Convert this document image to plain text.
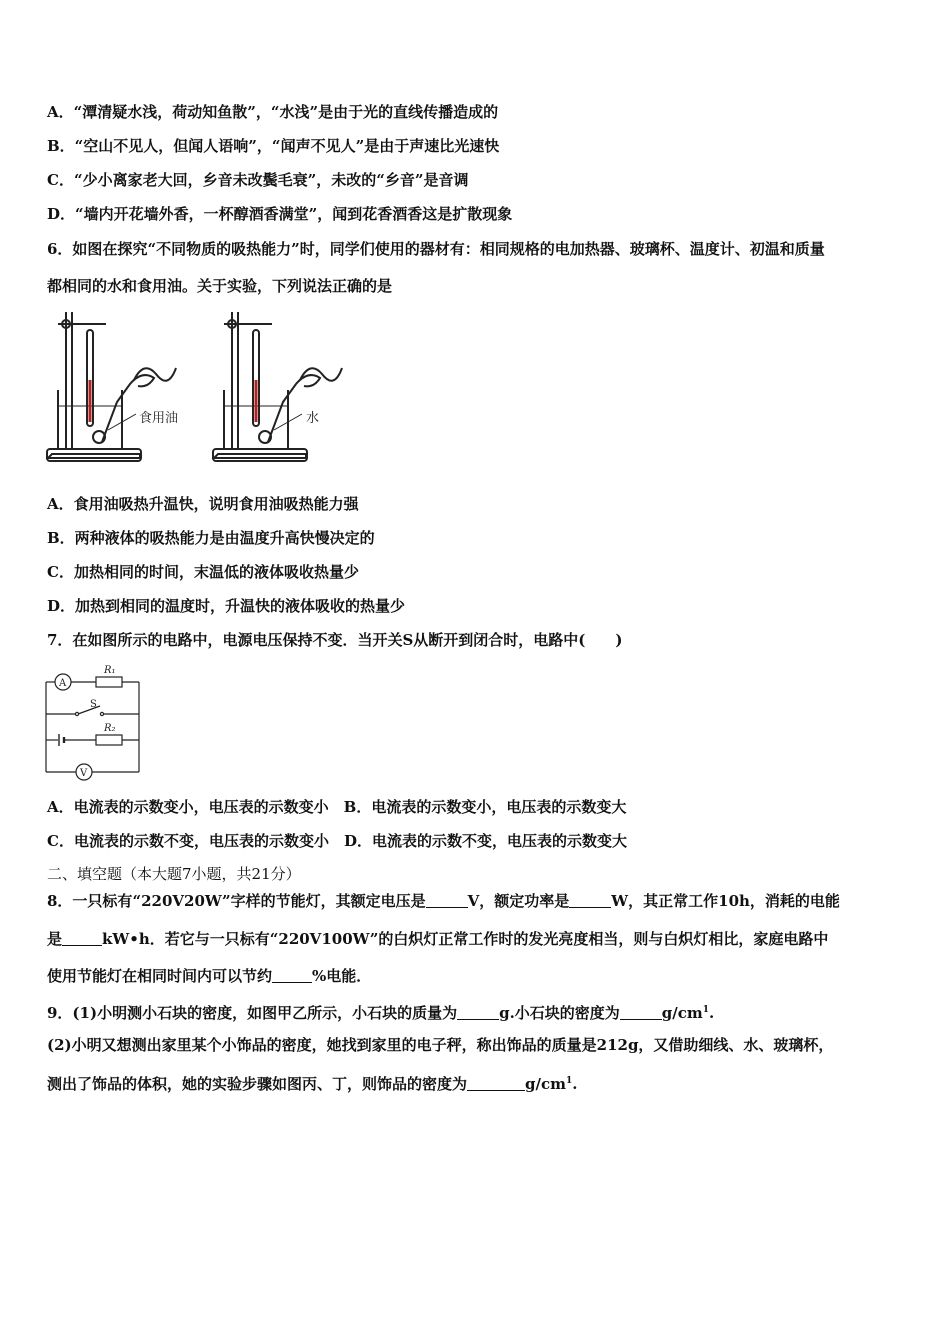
A．“潭清疑水浅，荷动知鱼散”，“水浅”是由于光的直线传播造成的
B．“空山不见人，但闻人语响”，“闻声不见人”是由于声速比光速快
C．“少小离家老大回，乡音未改鬓毛衰”，未改的“乡音”是音调
D．“墙内开花墙外香，一杯醇酒香满堂”，闻到花香酒香这是扩散现象
6．如图在探究“不同物质的吸热能力”时，同学们使用的器材有：相同规格的电加热器、玻璃杯、温度计、初温和质量
都相同的水和食用油。关于实验，下列说法正确的是
食用油	水
A．食用油吸热升温快，说明食用油吸热能力强
B．两种液体的吸热能力是由温度升高快慢决定的
C．加热相同的时间，末温低的液体吸收热量少
D．加热到相同的温度时，升温快的液体吸收的热量少
7．在如图所示的电路中，电源电压保持不变．当开关S从断开到闭合时，电路中(　　)
A
V
S
R₁
R₂
A．电流表的示数变小，电压表的示数变小　B．电流表的示数变小，电压表的示数变大
C．电流表的示数不变，电压表的示数变小　D．电流表的示数不变，电压表的示数变大
二、填空题（本大题7小题，共21分）
8．一只标有“220V20W”字样的节能灯，其额定电压是	V，额定功率是	W，其正常工作10h，消耗的电能
是	kW•h．若它与一只标有“220V100W”的白炽灯正常工作时的发光亮度相当，则与白炽灯相比，家庭电路中
使用节能灯在相同时间内可以节约	%电能．
9．(1)小明测小石块的密度，如图甲乙所示，小石块的质量为	g.小石块的密度为	$g/cm^1$.
(2)小明又想测出家里某个小饰品的密度，她找到家里的电子秤，称出饰品的质量是212g，又借助细线、水、玻璃杯，
测出了饰品的体积，她的实验步骤如图丙、丁，则饰品的密度为	$g/cm^1$.
